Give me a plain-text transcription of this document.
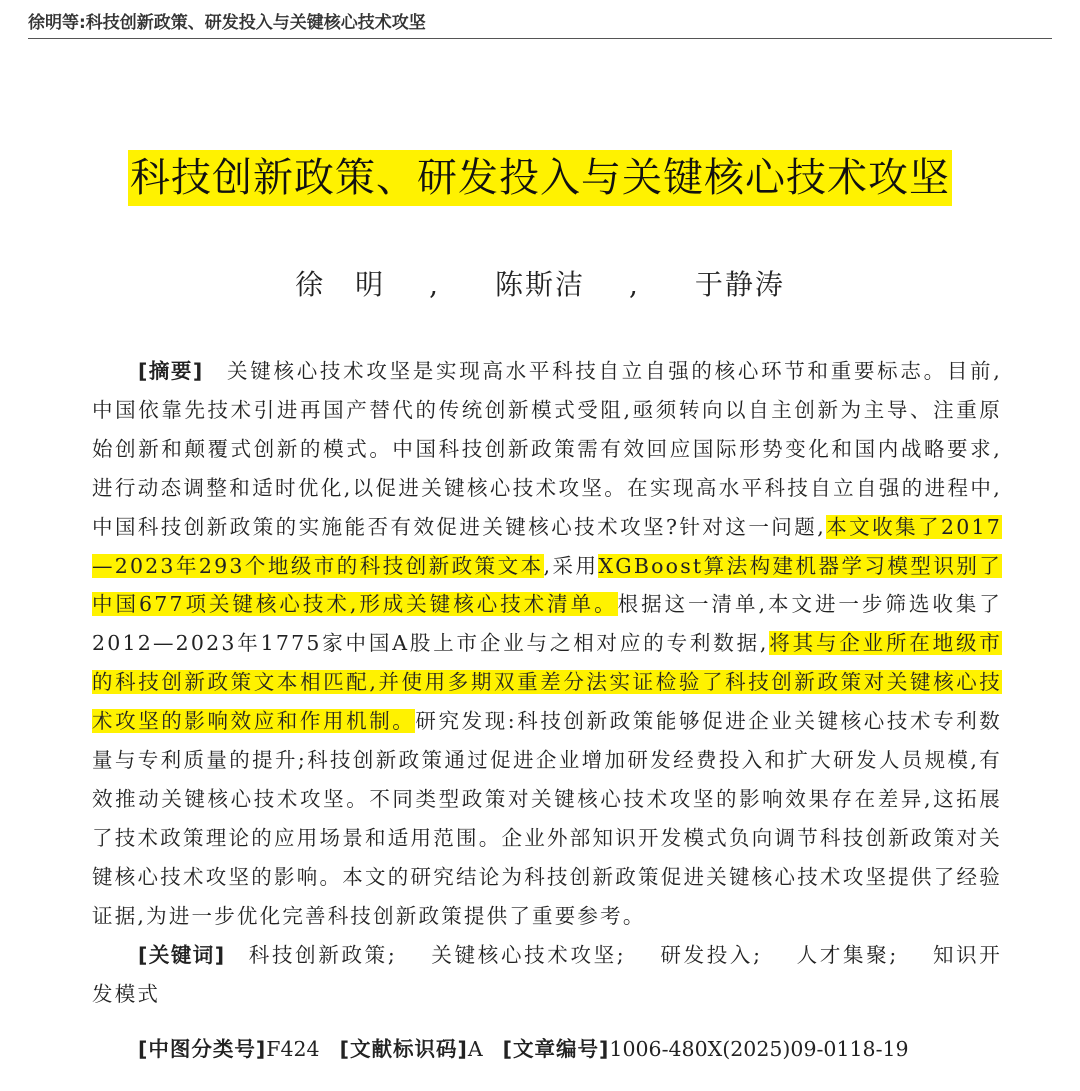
徐明等:科技创新政策、研发投入与关键核心技术攻坚
科技创新政策、研发投入与关键核心技术攻坚
徐　明 , 陈斯洁 , 于静涛

[摘要]　 关键核心技术攻坚是实现高水平科技自立自强的核心环节和重要标志。目前,中国依靠先技术引进再国产替代的传统创新模式受阻,亟须转向以自主创新为主导、注重原始创新和颠覆式创新的模式。中国科技创新政策需有效回应国际形势变化和国内战略要求,进行动态调整和适时优化,以促进关键核心技术攻坚。在实现高水平科技自立自强的进程中,中国科技创新政策的实施能否有效促进关键核心技术攻坚?针对这一问题,本文收集了2017—2023年293个地级市的科技创新政策文本,采用XGBoost算法构建机器学习模型识别了中国677项关键核心技术,形成关键核心技术清单。根据这一清单,本文进一步筛选收集了2012—2023年1775家中国A股上市企业与之相对应的专利数据,将其与企业所在地级市的科技创新政策文本相匹配,并使用多期双重差分法实证检验了科技创新政策对关键核心技术攻坚的影响效应和作用机制。研究发现:科技创新政策能够促进企业关键核心技术专利数量与专利质量的提升;科技创新政策通过促进企业增加研发经费投入和扩大研发人员规模,有效推动关键核心技术攻坚。不同类型政策对关键核心技术攻坚的影响效果存在差异,这拓展了技术政策理论的应用场景和适用范围。企业外部知识开发模式负向调节科技创新政策对关键核心技术攻坚的影响。本文的研究结论为科技创新政策促进关键核心技术攻坚提供了经验证据,为进一步优化完善科技创新政策提供了重要参考。

[关键词]　 科技创新政策; 关键核心技术攻坚; 研发投入; 人才集聚; 知识开发模式

[中图分类号]F424 [文献标识码]A [文章编号]1006-480X(2025)09-0118-19
